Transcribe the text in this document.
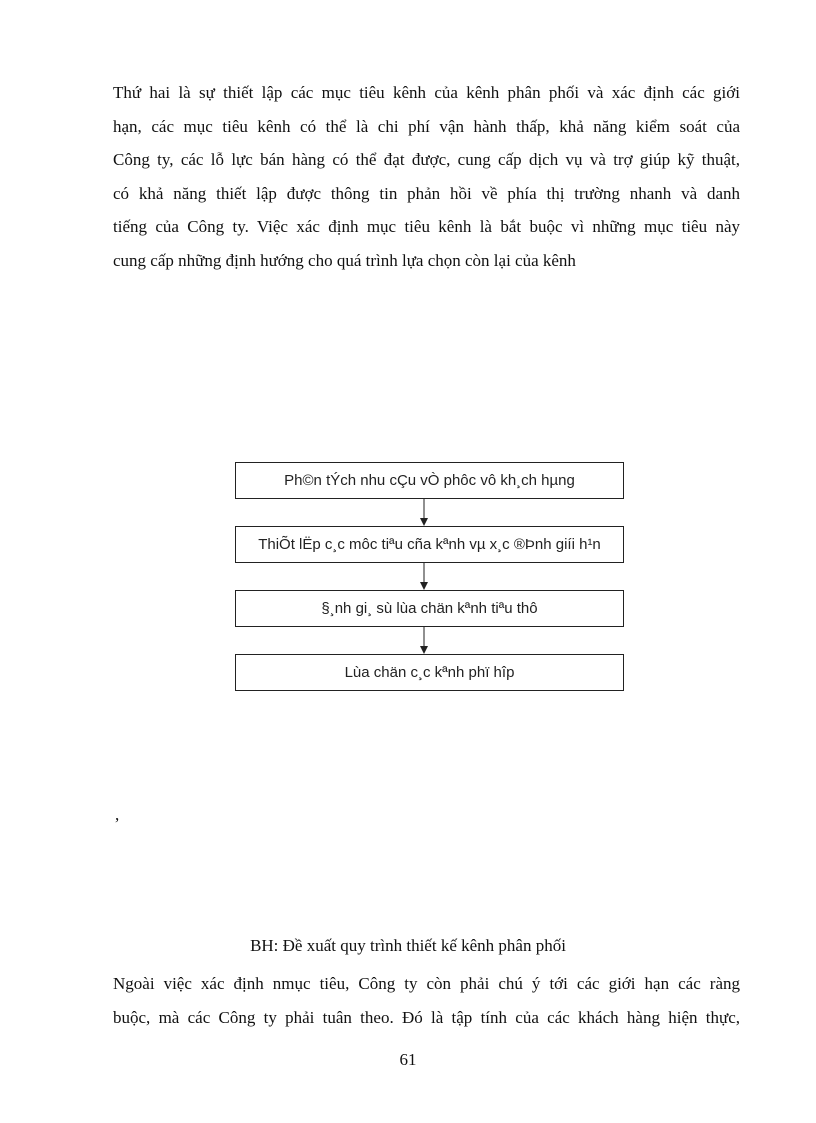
Thứ hai là sự thiết lập các mục tiêu kênh của kênh phân phối và xác định các giới
hạn, các mục tiêu kênh có thể là chi phí vận hành thấp, khả năng kiểm soát của
Công ty, các lỗ lực bán hàng có thể đạt được, cung cấp dịch vụ và trợ giúp kỹ thuật,
có khả năng thiết lập được thông tin phản hồi về phía thị trường nhanh và danh
tiếng của Công ty. Việc xác định mục tiêu kênh là bắt buộc vì những mục tiêu này
cung cấp những định hướng cho quá trình lựa chọn còn lại của kênh
Ph©n tÝch nhu cÇu vÒ phôc vô kh¸ch hµng
ThiÕt lËp c¸c môc tiªu cña kªnh vµ x¸c ®Þnh giíi h¹n
§¸nh gi¸ sù lùa chän kªnh tiªu thô
Lùa chän c¸c kªnh phï hîp
,
BH: Đề xuất quy trình thiết kế kênh phân phối
Ngoài việc xác định nmục tiêu, Công ty còn phải chú ý tới các giới hạn các ràng
buộc, mà các Công ty phải tuân theo. Đó là tập tính của các khách hàng hiện thực,
61
